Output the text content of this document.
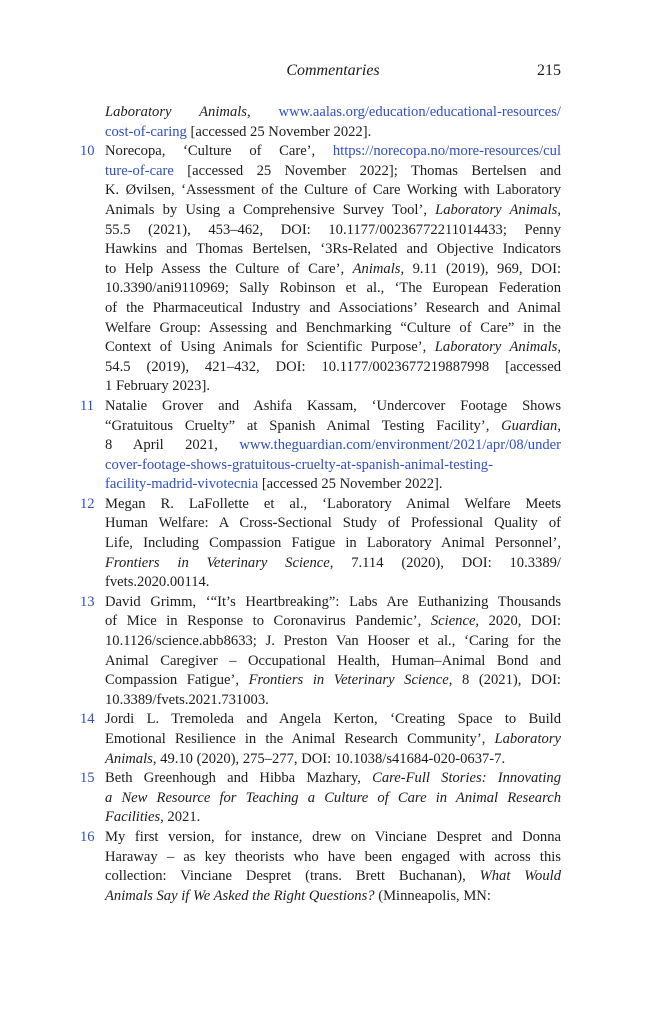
Commentaries	215
Laboratory Animals, www.aalas.org/education/educational-resources/
cost-of-caring [accessed 25 November 2022].
10 Norecopa, ‘Culture of Care’, https://norecopa.no/more-resources/cul
ture-of-care [accessed 25 November 2022]; Thomas Bertelsen and
K. Øvilsen, ‘Assessment of the Culture of Care Working with Laboratory
Animals by Using a Comprehensive Survey Tool’, Laboratory Animals,
55.5 (2021), 453–462, DOI: 10.1177/00236772211014433; Penny
Hawkins and Thomas Bertelsen, ‘3Rs-Related and Objective Indicators
to Help Assess the Culture of Care’, Animals, 9.11 (2019), 969, DOI:
10.3390/ani9110969; Sally Robinson et al., ‘The European Federation
of the Pharmaceutical Industry and Associations’ Research and Animal
Welfare Group: Assessing and Benchmarking “Culture of Care” in the
Context of Using Animals for Scientific Purpose’, Laboratory Animals,
54.5 (2019), 421–432, DOI: 10.1177/0023677219887998 [accessed
1 February 2023].
11 Natalie Grover and Ashifa Kassam, ‘Undercover Footage Shows
“Gratuitous Cruelty” at Spanish Animal Testing Facility’, Guardian,
8 April 2021, www.theguardian.com/environment/2021/apr/08/under
cover-footage-shows-gratuitous-cruelty-at-spanish-animal-testing-
facility-madrid-vivotecnia [accessed 25 November 2022].
12 Megan R. LaFollette et al., ‘Laboratory Animal Welfare Meets
Human Welfare: A Cross-Sectional Study of Professional Quality of
Life, Including Compassion Fatigue in Laboratory Animal Personnel’,
Frontiers in Veterinary Science, 7.114 (2020), DOI: 10.3389/
fvets.2020.00114.
13 David Grimm, ‘“It’s Heartbreaking”: Labs Are Euthanizing Thousands
of Mice in Response to Coronavirus Pandemic’, Science, 2020, DOI:
10.1126/science.abb8633; J. Preston Van Hooser et al., ‘Caring for the
Animal Caregiver – Occupational Health, Human–Animal Bond and
Compassion Fatigue’, Frontiers in Veterinary Science, 8 (2021), DOI:
10.3389/fvets.2021.731003.
14 Jordi L. Tremoleda and Angela Kerton, ‘Creating Space to Build
Emotional Resilience in the Animal Research Community’, Laboratory
Animals, 49.10 (2020), 275–277, DOI: 10.1038/s41684-020-0637-7.
15 Beth Greenhough and Hibba Mazhary, Care-Full Stories: Innovating
a New Resource for Teaching a Culture of Care in Animal Research
Facilities, 2021.
16 My first version, for instance, drew on Vinciane Despret and Donna
Haraway – as key theorists who have been engaged with across this
collection: Vinciane Despret (trans. Brett Buchanan), What Would
Animals Say if We Asked the Right Questions? (Minneapolis, MN:
